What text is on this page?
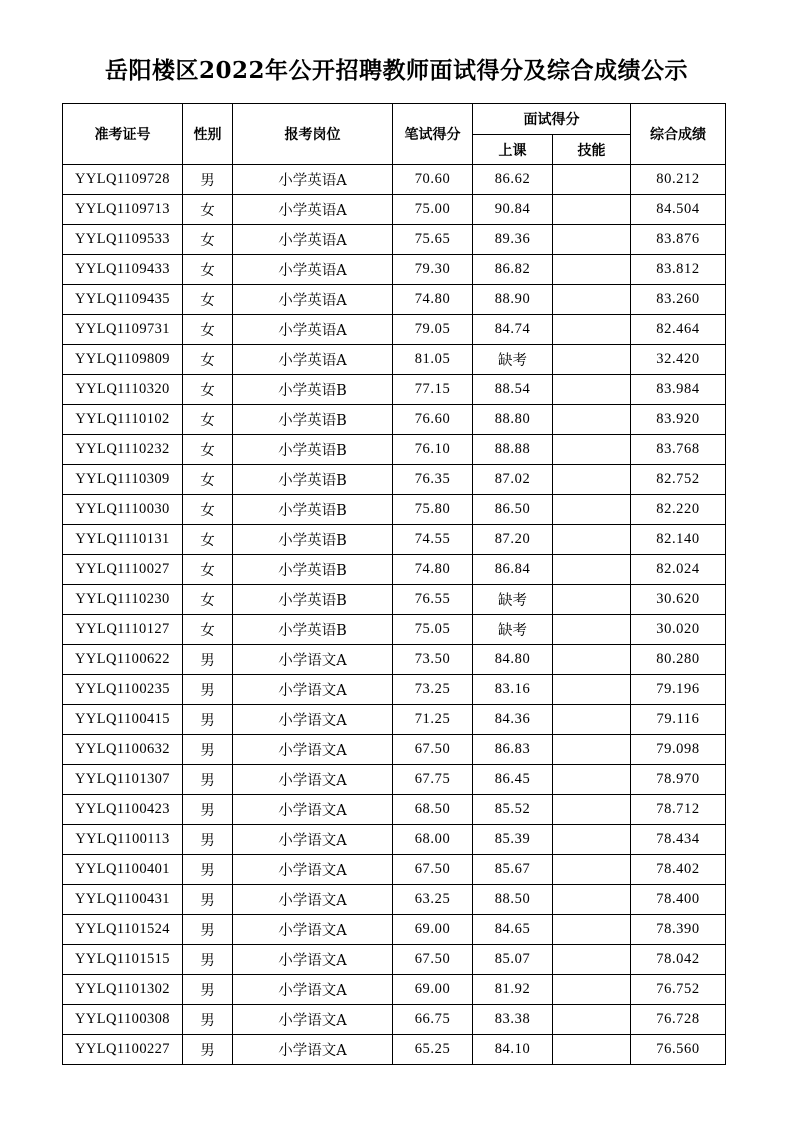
岳阳楼区2022年公开招聘教师面试得分及综合成绩公示
准考证号	性别	报考岗位	笔试得分	面试得分		综合成绩
				上课	技能	
YYLQ1109728	男	小学英语A	70.60	86.62		80.212
YYLQ1109713	女	小学英语A	75.00	90.84		84.504
YYLQ1109533	女	小学英语A	75.65	89.36		83.876
YYLQ1109433	女	小学英语A	79.30	86.82		83.812
YYLQ1109435	女	小学英语A	74.80	88.90		83.260
YYLQ1109731	女	小学英语A	79.05	84.74		82.464
YYLQ1109809	女	小学英语A	81.05	缺考		32.420
YYLQ1110320	女	小学英语B	77.15	88.54		83.984
YYLQ1110102	女	小学英语B	76.60	88.80		83.920
YYLQ1110232	女	小学英语B	76.10	88.88		83.768
YYLQ1110309	女	小学英语B	76.35	87.02		82.752
YYLQ1110030	女	小学英语B	75.80	86.50		82.220
YYLQ1110131	女	小学英语B	74.55	87.20		82.140
YYLQ1110027	女	小学英语B	74.80	86.84		82.024
YYLQ1110230	女	小学英语B	76.55	缺考		30.620
YYLQ1110127	女	小学英语B	75.05	缺考		30.020
YYLQ1100622	男	小学语文A	73.50	84.80		80.280
YYLQ1100235	男	小学语文A	73.25	83.16		79.196
YYLQ1100415	男	小学语文A	71.25	84.36		79.116
YYLQ1100632	男	小学语文A	67.50	86.83		79.098
YYLQ1101307	男	小学语文A	67.75	86.45		78.970
YYLQ1100423	男	小学语文A	68.50	85.52		78.712
YYLQ1100113	男	小学语文A	68.00	85.39		78.434
YYLQ1100401	男	小学语文A	67.50	85.67		78.402
YYLQ1100431	男	小学语文A	63.25	88.50		78.400
YYLQ1101524	男	小学语文A	69.00	84.65		78.390
YYLQ1101515	男	小学语文A	67.50	85.07		78.042
YYLQ1101302	男	小学语文A	69.00	81.92		76.752
YYLQ1100308	男	小学语文A	66.75	83.38		76.728
YYLQ1100227	男	小学语文A	65.25	84.10		76.560
